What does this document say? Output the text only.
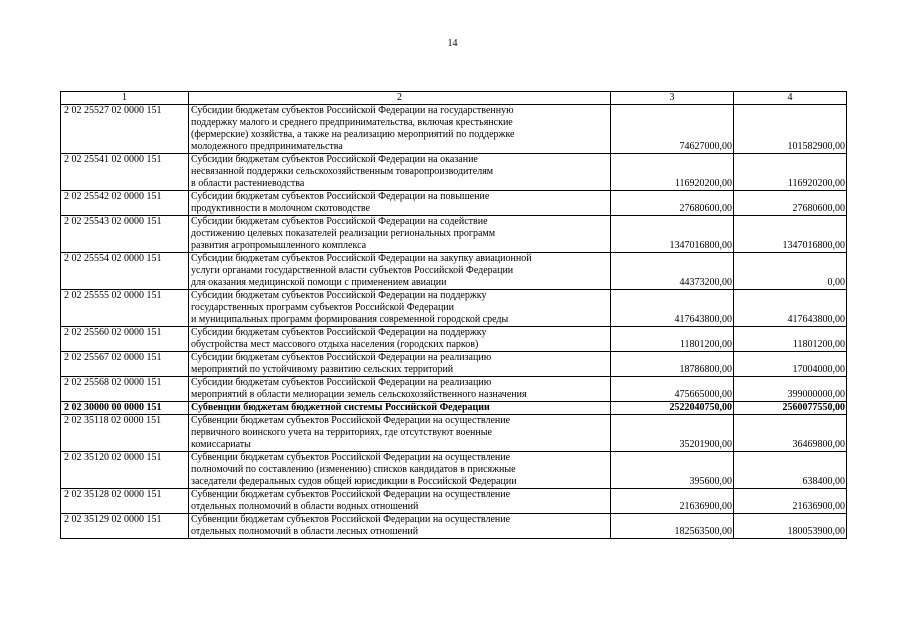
14
1	2	3	4
2 02 25527 02 0000 151	Субсидии бюджетам субъектов Российской Федерации на государственную
поддержку малого и среднего предпринимательства, включая крестьянские
(фермерские) хозяйства, а также на реализацию мероприятий по поддержке
молодежного предпринимательства	74627000,00	101582900,00
2 02 25541 02 0000 151	Субсидии бюджетам субъектов Российской Федерации на оказание
несвязанной поддержки сельскохозяйственным товаропроизводителям
в области растениеводства	116920200,00	116920200,00
2 02 25542 02 0000 151	Субсидии бюджетам субъектов Российской Федерации на повышение
продуктивности в молочном скотоводстве	27680600,00	27680600,00
2 02 25543 02 0000 151	Субсидии бюджетам субъектов Российской Федерации на содействие
достижению целевых показателей реализации региональных программ
развития агропромышленного комплекса	1347016800,00	1347016800,00
2 02 25554 02 0000 151	Субсидии бюджетам субъектов Российской Федерации на закупку авиационной
услуги органами государственной власти субъектов Российской Федерации
для оказания медицинской помощи с применением авиации	44373200,00	0,00
2 02 25555 02 0000 151	Субсидии бюджетам субъектов Российской Федерации на поддержку
государственных программ субъектов Российской Федерации
и муниципальных программ формирования современной городской среды	417643800,00	417643800,00
2 02 25560 02 0000 151	Субсидии бюджетам субъектов Российской Федерации на поддержку
обустройства мест массового отдыха населения (городских парков)	11801200,00	11801200,00
2 02 25567 02 0000 151	Субсидии бюджетам субъектов Российской Федерации на реализацию
мероприятий по устойчивому развитию сельских территорий	18786800,00	17004000,00
2 02 25568 02 0000 151	Субсидии бюджетам субъектов Российской Федерации на реализацию
мероприятий в области мелиорации земель сельскохозяйственного назначения	475665000,00	399000000,00
2 02 30000 00 0000 151	Субвенции бюджетам бюджетной системы Российской Федерации	2522040750,00	2560077550,00
2 02 35118 02 0000 151	Субвенции бюджетам субъектов Российской Федерации на осуществление
первичного воинского учета на территориях, где отсутствуют военные
комиссариаты	35201900,00	36469800,00
2 02 35120 02 0000 151	Субвенции бюджетам субъектов Российской Федерации на осуществление
полномочий по составлению (изменению) списков кандидатов в присяжные
заседатели федеральных судов общей юрисдикции в Российской Федерации	395600,00	638400,00
2 02 35128 02 0000 151	Субвенции бюджетам субъектов Российской Федерации на осуществление
отдельных полномочий в области водных отношений	21636900,00	21636900,00
2 02 35129 02 0000 151	Субвенции бюджетам субъектов Российской Федерации на осуществление
отдельных полномочий в области лесных отношений	182563500,00	180053900,00
